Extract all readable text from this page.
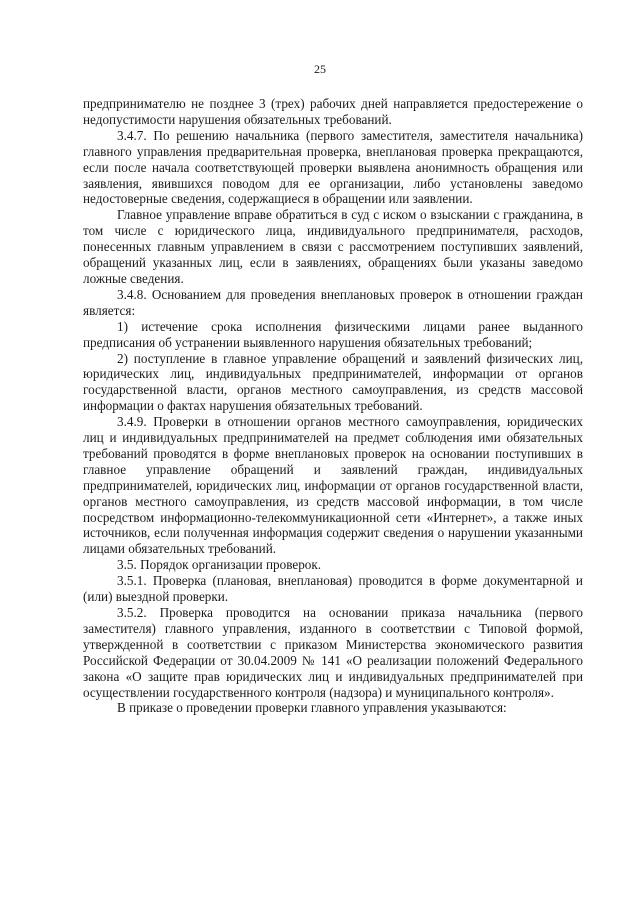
25

предпринимателю не позднее 3 (трех) рабочих дней направляется предостережение о недопустимости нарушения обязательных требований.

3.4.7. По решению начальника (первого заместителя, заместителя начальника) главного управления предварительная проверка, внеплановая проверка прекращаются, если после начала соответствующей проверки выявлена анонимность обращения или заявления, явившихся поводом для ее организации, либо установлены заведомо недостоверные сведения, содержащиеся в обращении или заявлении.

Главное управление вправе обратиться в суд с иском о взыскании с гражданина, в том числе с юридического лица, индивидуального предпринимателя, расходов, понесенных главным управлением в связи с рассмотрением поступивших заявлений, обращений указанных лиц, если в заявлениях, обращениях были указаны заведомо ложные сведения.

3.4.8. Основанием для проведения внеплановых проверок в отношении граждан является:

1) истечение срока исполнения физическими лицами ранее выданного предписания об устранении выявленного нарушения обязательных требований;

2) поступление в главное управление обращений и заявлений физических лиц, юридических лиц, индивидуальных предпринимателей, информации от органов государственной власти, органов местного самоуправления, из средств массовой информации о фактах нарушения обязательных требований.

3.4.9. Проверки в отношении органов местного самоуправления, юридических лиц и индивидуальных предпринимателей на предмет соблюдения ими обязательных требований проводятся в форме внеплановых проверок на основании поступивших в главное управление обращений и заявлений граждан, индивидуальных предпринимателей, юридических лиц, информации от органов государственной власти, органов местного самоуправления, из средств массовой информации, в том числе посредством информационно-телекоммуникационной сети «Интернет», а также иных источников, если полученная информация содержит сведения о нарушении указанными лицами обязательных требований.

3.5. Порядок организации проверок.

3.5.1. Проверка (плановая, внеплановая) проводится в форме документарной и (или) выездной проверки.

3.5.2. Проверка проводится на основании приказа начальника (первого заместителя) главного управления, изданного в соответствии с Типовой формой, утвержденной в соответствии с приказом Министерства экономического развития Российской Федерации от 30.04.2009 № 141 «О реализации положений Федерального закона «О защите прав юридических лиц и индивидуальных предпринимателей при осуществлении государственного контроля (надзора) и муниципального контроля».

В приказе о проведении проверки главного управления указываются:
